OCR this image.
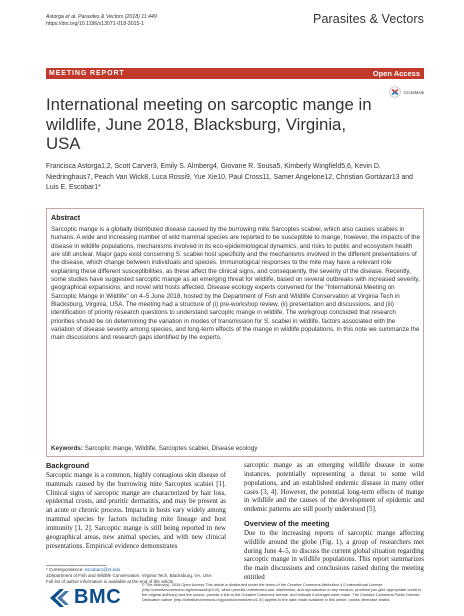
Astorga et al. Parasites & Vectors (2018) 11:449
https://doi.org/10.1186/s13071-018-3015-1	Parasites & Vectors
MEETING REPORT	Open Access
CrossMark
International meeting on sarcoptic mange in wildlife, June 2018, Blacksburg, Virginia, USA
Francisca Astorga1,2, Scott Carver3, Emily S. Almberg4, Giovane R. Sousa5, Kimberly Wingfield5,6, Kevin D. Niedringhaus7, Peach Van Wick8, Luca Rossi9, Yue Xie10, Paul Cross11, Samer Angelone12, Christian Gortázar13 and Luis E. Escobar1*
Abstract
Sarcoptic mange is a globally distributed disease caused by the burrowing mite Sarcoptes scabiei, which also causes scabies in humans. A wide and increasing number of wild mammal species are reported to be susceptible to mange; however, the impacts of the disease in wildlife populations, mechanisms involved in its eco-epidemiological dynamics, and risks to public and ecosystem health are still unclear. Major gaps exist concerning S. scabiei host specificity and the mechanisms involved in the different presentations of the disease, which change between individuals and species. Immunological responses to the mite may have a relevant role explaining these different susceptibilities, as these affect the clinical signs, and consequently, the severity of the disease. Recently, some studies have suggested sarcoptic mange as an emerging threat for wildlife, based on several outbreaks with increased severity, geographical expansions, and novel wild hosts affected. Disease ecology experts convened for the "International Meeting on Sarcoptic Mange in Wildlife" on 4–5 June 2018, hosted by the Department of Fish and Wildlife Conservation at Virginia Tech in Blacksburg, Virginia, USA. The meeting had a structure of (i) pre-workshop review, (ii) presentation and discussions, and (iii) identification of priority research questions to understand sarcoptic mange in wildlife. The workgroup concluded that research priorities should be on determining the variation in modes of transmission for S. scabiei in wildlife, factors associated with the variation of disease severity among species, and long-term effects of the mange in wildlife populations. In this note we summarize the main discussions and research gaps identified by the experts.
Keywords: Sarcoptic mange, Wildlife, Sarcoptes scabiei, Disease ecology
Background
Sarcoptic mange is a common, highly contagious skin disease of mammals caused by the burrowing mite Sarcoptes scabiei [1]. Clinical signs of sarcoptic mange are characterized by hair loss, epidermal crusts, and pruritic dermatitis, and may be present as an acute or chronic process. Impacts in hosts vary widely among mammal species by factors including mite lineage and host immunity [1, 2]. Sarcoptic mange is still being reported in new geographical areas, new animal species, and with new clinical presentations. Empirical evidence demonstrates
sarcoptic mange as an emerging wildlife disease in some instances, potentially representing a threat to some wild populations, and an established endemic disease in many other cases [3, 4]. However, the potential long-term effects of mange in wildlife and the causes of the development of epidemic and endemic patterns are still poorly understood [5].
Overview of the meeting
Due to the increasing reports of sarcoptic mange affecting wildlife around the globe (Fig. 1), a group of researchers met during June 4–5, to discuss the current global situation regarding sarcoptic mange in wildlife populations. This report summarizes the main discussions and conclusions raised during the meeting entitled
* Correspondence: escobar1@vt.edu
1Department of Fish and Wildlife Conservation, Virginia Tech, Blacksburg, VA, USA
Full list of author information is available at the end of the article
BMC
© The Author(s). 2018 Open Access This article is distributed under the terms of the Creative Commons Attribution 4.0 International License (http://creativecommons.org/licenses/by/4.0/), which permits unrestricted use, distribution, and reproduction in any medium, provided you give appropriate credit to the original author(s) and the source, provide a link to the Creative Commons license, and indicate if changes were made. The Creative Commons Public Domain Dedication waiver (http://creativecommons.org/publicdomain/zero/1.0/) applies to the data made available in this article, unless otherwise stated.
